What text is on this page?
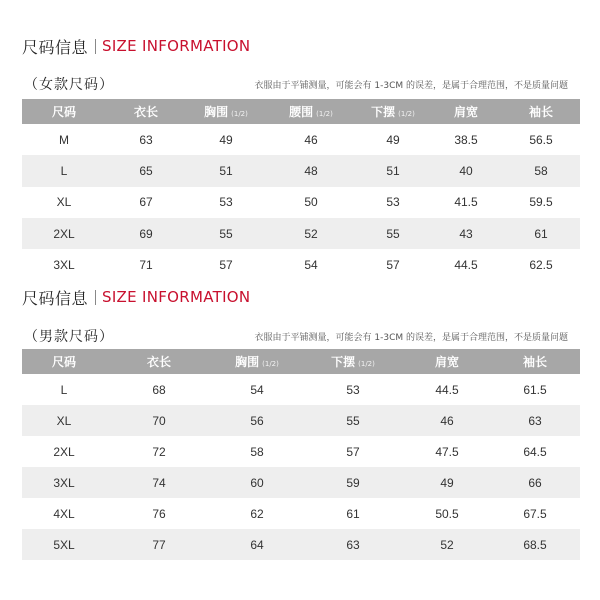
尺码信息 SIZE INFORMATION
（女款尺码）	衣服由于平铺测量，可能会有 1-3CM 的误差，是属于合理范围，不是质量问题
尺码	衣长	胸围 (1/2)	腰围 (1/2)	下摆 (1/2)	肩宽	袖长
M	63	49	46	49	38.5	56.5
L	65	51	48	51	40	58
XL	67	53	50	53	41.5	59.5
2XL	69	55	52	55	43	61
3XL	71	57	54	57	44.5	62.5
尺码信息 SIZE INFORMATION
（男款尺码）	衣服由于平铺测量，可能会有 1-3CM 的误差，是属于合理范围，不是质量问题
尺码	衣长	胸围 (1/2)	下摆 (1/2)	肩宽	袖长
L	68	54	53	44.5	61.5
XL	70	56	55	46	63
2XL	72	58	57	47.5	64.5
3XL	74	60	59	49	66
4XL	76	62	61	50.5	67.5
5XL	77	64	63	52	68.5
